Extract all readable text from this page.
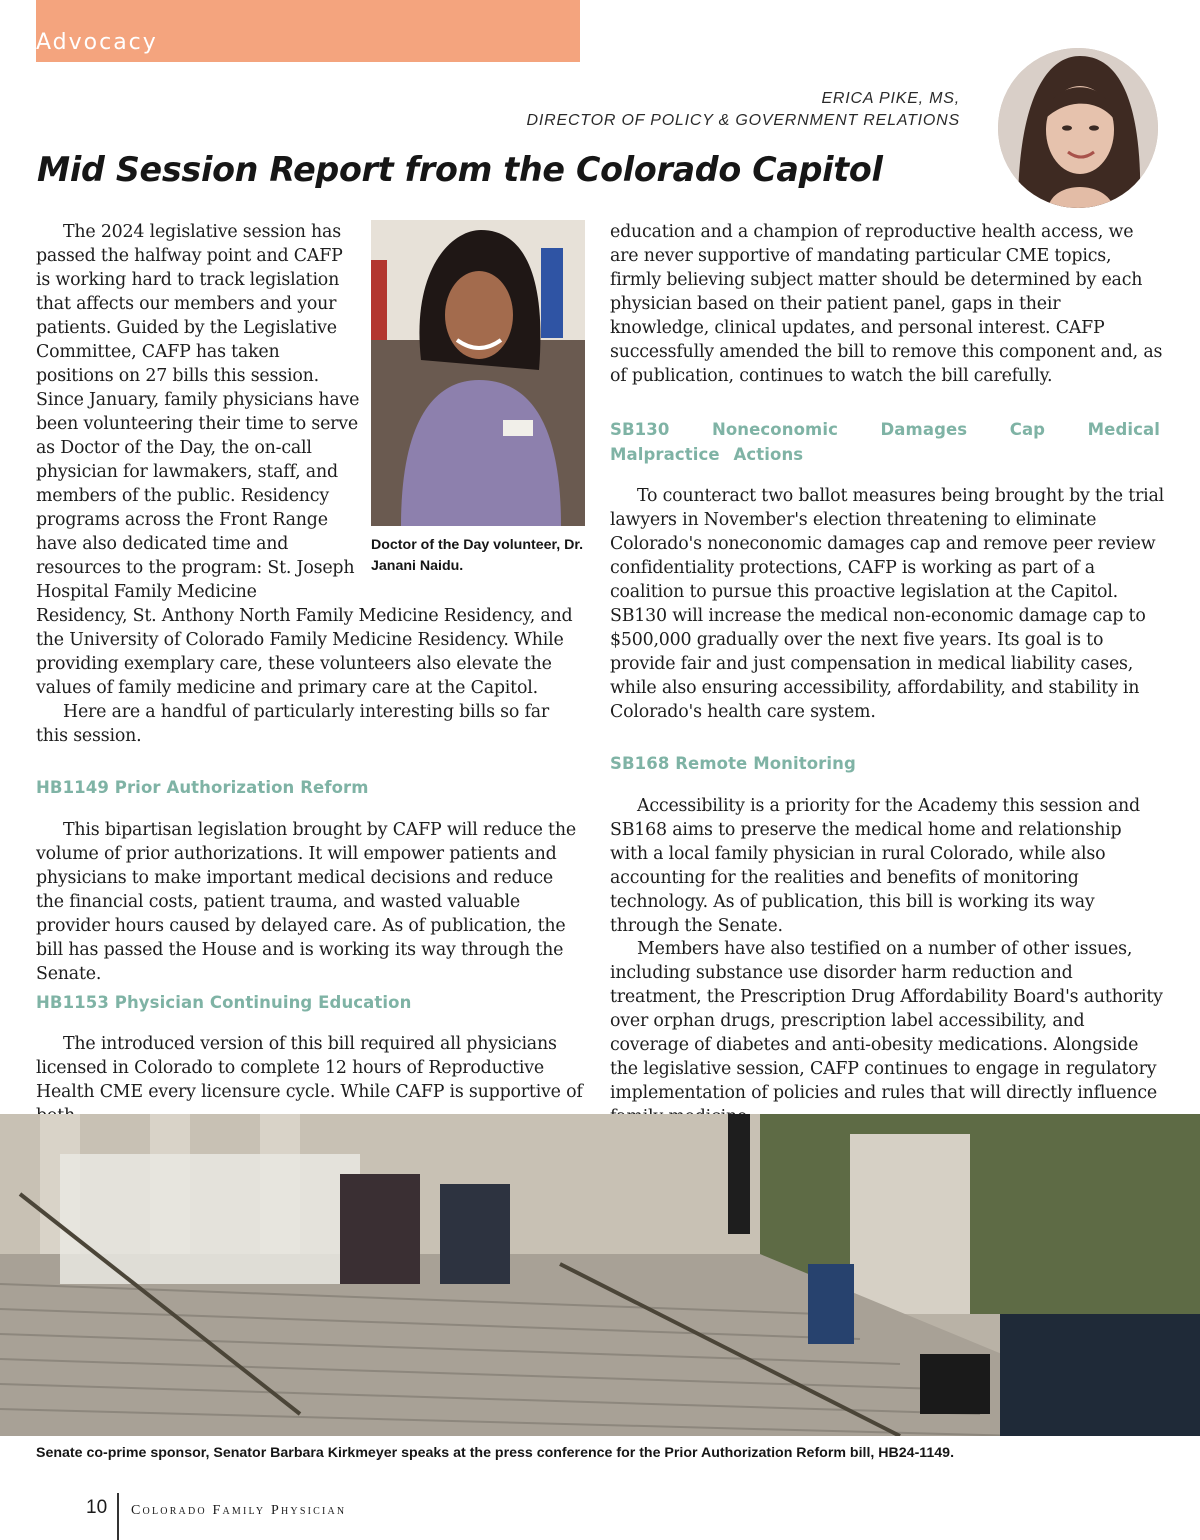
Advocacy
ERICA PIKE, MS,
DIRECTOR OF POLICY & GOVERNMENT RELATIONS
Mid Session Report from the Colorado Capitol

The 2024 legislative session has passed the halfway point and CAFP is working hard to track legislation that affects our members and your patients. Guided by the Legislative Committee, CAFP has taken positions on 27 bills this session. Since January, family physicians have been volunteering their time to serve as Doctor of the Day, the on-call physician for lawmakers, staff, and members of the public. Residency programs across the Front Range have also dedicated time and resources to the program: St. Joseph Hospital Family Medicine

Doctor of the Day volunteer, Dr. Janani Naidu.

Residency, St. Anthony North Family Medicine Residency, and the University of Colorado Family Medicine Residency. While providing exemplary care, these volunteers also elevate the values of family medicine and primary care at the Capitol.

Here are a handful of particularly interesting bills so far this session.

HB1149 Prior Authorization Reform

This bipartisan legislation brought by CAFP will reduce the volume of prior authorizations. It will empower patients and physicians to make important medical decisions and reduce the financial costs, patient trauma, and wasted valuable provider hours caused by delayed care. As of publication, the bill has passed the House and is working its way through the Senate.

HB1153 Physician Continuing Education

The introduced version of this bill required all physicians licensed in Colorado to complete 12 hours of Reproductive Health CME every licensure cycle. While CAFP is supportive of

education and a champion of reproductive health access, we are never supportive of mandating particular CME topics, firmly believing subject matter should be determined by each physician based on their patient panel, gaps in their knowledge, clinical updates, and personal interest. CAFP successfully amended the bill to remove this component and, as of publication, continues to watch the bill carefully.

SB130 Noneconomic Damages Cap Medical Malpractice Actions

To counteract two ballot measures being brought by the trial lawyers in November's election threatening to eliminate Colorado's noneconomic damages cap and remove peer review confidentiality protections, CAFP is working as part of a coalition to pursue this proactive legislation at the Capitol. SB130 will increase the medical non-economic damage cap to $500,000 gradually over the next five years. Its goal is to provide fair and just compensation in medical liability cases, while also ensuring accessibility, affordability, and stability in Colorado's health care system.

SB168 Remote Monitoring

Accessibility is a priority for the Academy this session and SB168 aims to preserve the medical home and relationship with a local family physician in rural Colorado, while also accounting for the realities and benefits of monitoring technology. As of publication, this bill is working its way through the Senate.

Members have also testified on a number of other issues, including substance use disorder harm reduction and treatment, the Prescription Drug Affordability Board's authority over orphan drugs, prescription label accessibility, and coverage of diabetes and anti-obesity medications. Alongside the legislative session, CAFP continues to engage in regulatory implementation of policies and rules that will directly influence

Senate co-prime sponsor, Senator Barbara Kirkmeyer speaks at the press conference for the Prior Authorization Reform bill, HB24-1149.
10 Colorado Family Physician
